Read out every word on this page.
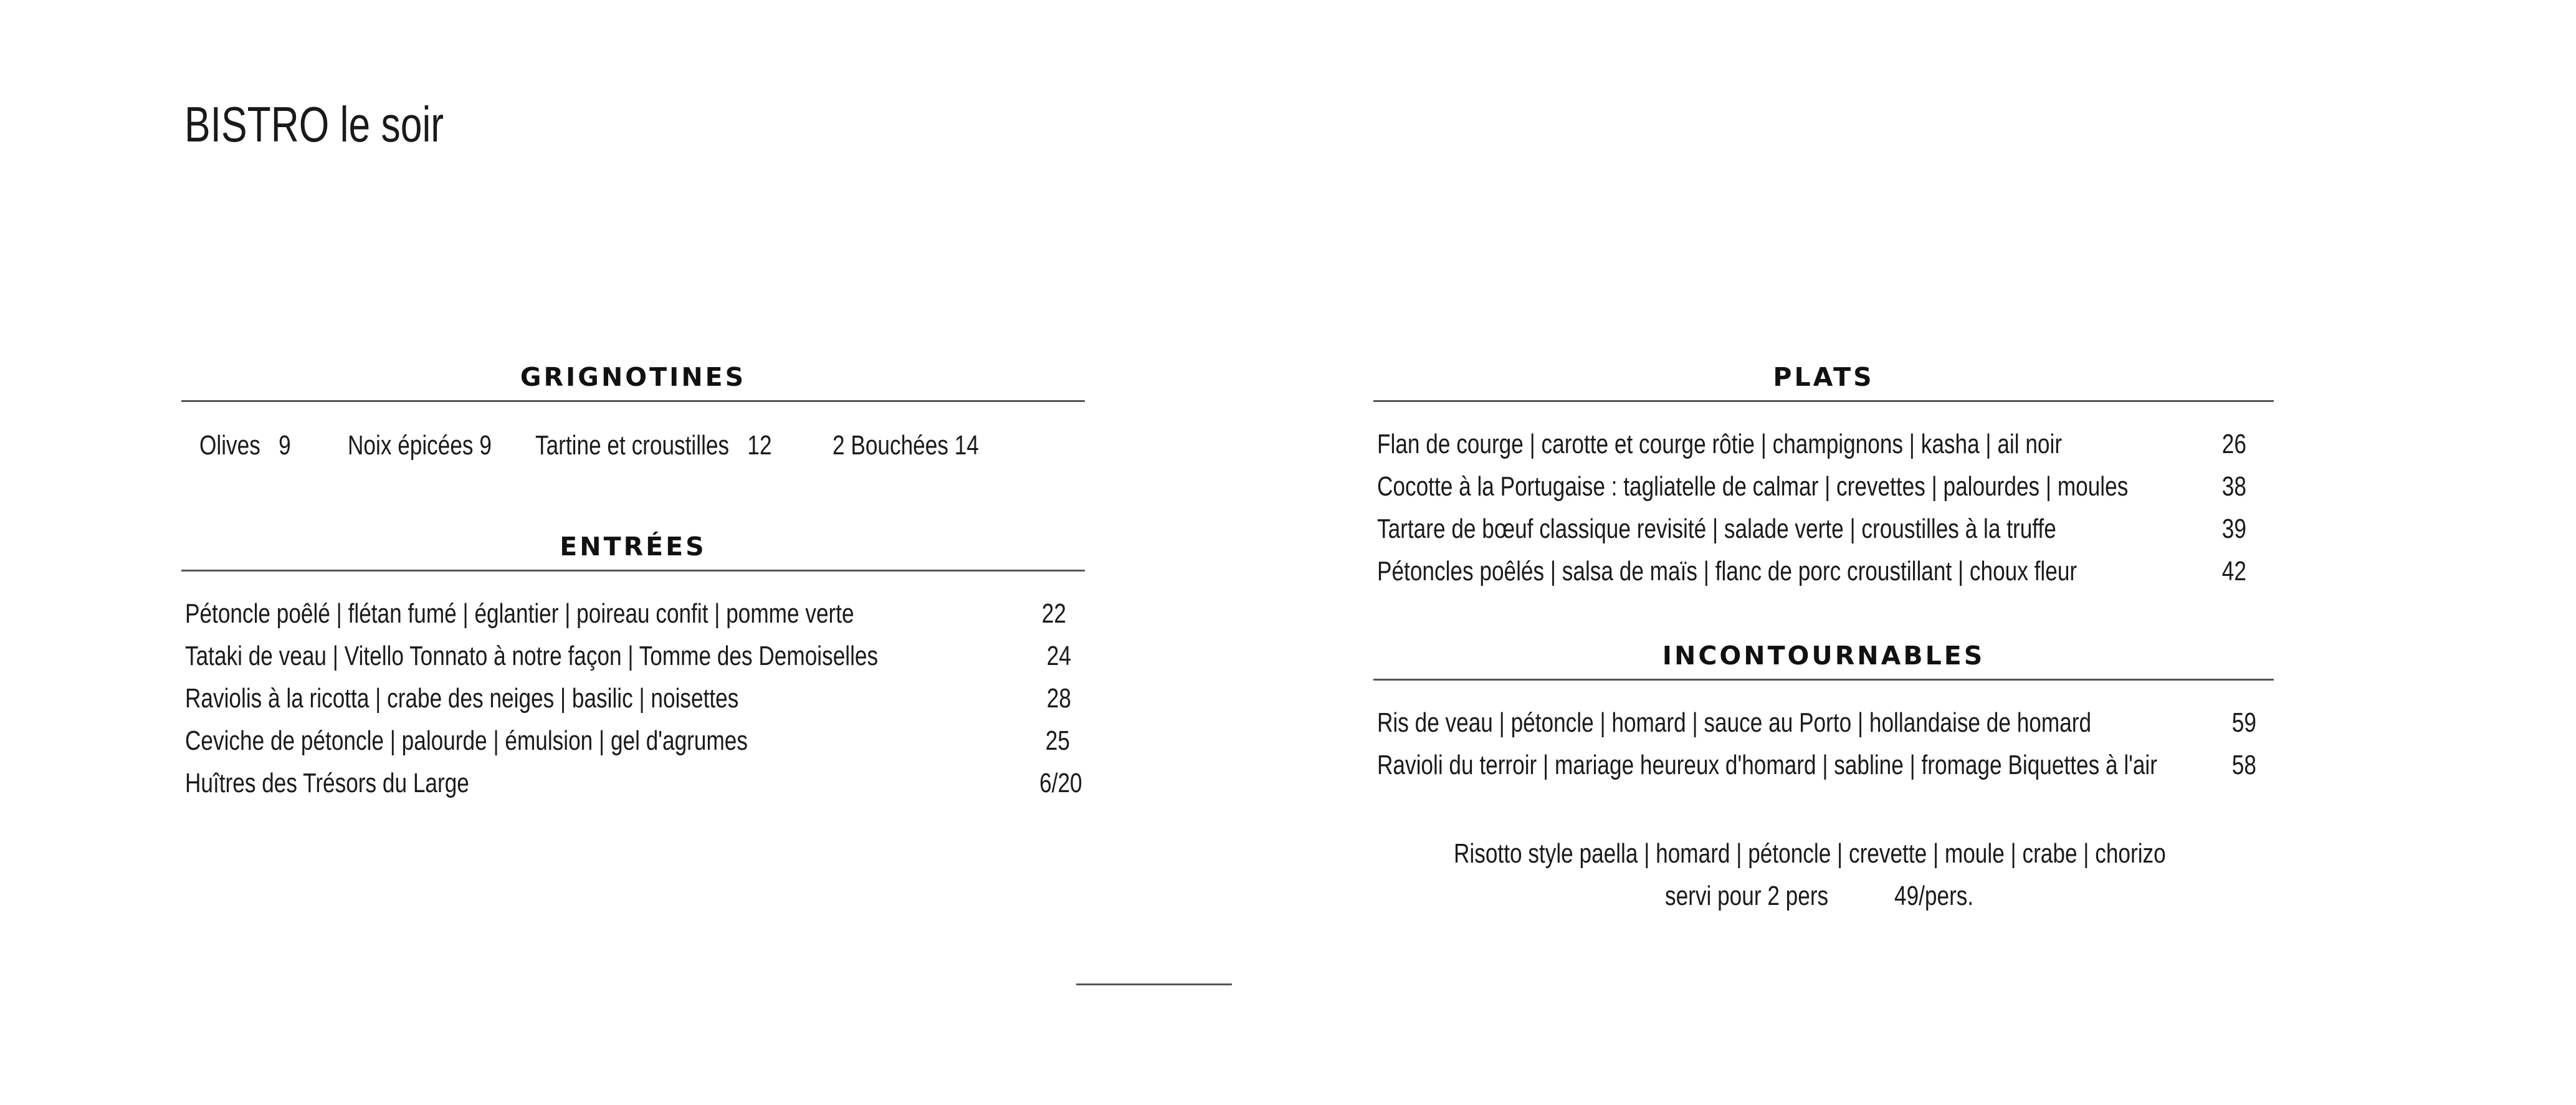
BISTRO le soir
GRIGNOTINES
Olives 9 Noix épicées 9 Tartine et croustilles 12 2 Bouchées 14
ENTRÉES
Pétoncle poêlé | flétan fumé | églantier | poireau confit | pomme verte	22
Tataki de veau | Vitello Tonnato à notre façon | Tomme des Demoiselles	24
Raviolis à la ricotta | crabe des neiges | basilic | noisettes	28
Ceviche de pétoncle | palourde | émulsion | gel d'agrumes	25
Huîtres des Trésors du Large	6/20
PLATS
Flan de courge | carotte et courge rôtie | champignons | kasha | ail noir	26
Cocotte à la Portugaise : tagliatelle de calmar | crevettes | palourdes | moules	38
Tartare de bœuf classique revisité | salade verte | croustilles à la truffe	39
Pétoncles poêlés | salsa de maïs | flanc de porc croustillant | choux fleur	42
INCONTOURNABLES
Ris de veau | pétoncle | homard | sauce au Porto | hollandaise de homard	59
Ravioli du terroir | mariage heureux d'homard | sabline | fromage Biquettes à l'air	58
Risotto style paella | homard | pétoncle | crevette | moule | crabe | chorizo
servi pour 2 pers 49/pers.
